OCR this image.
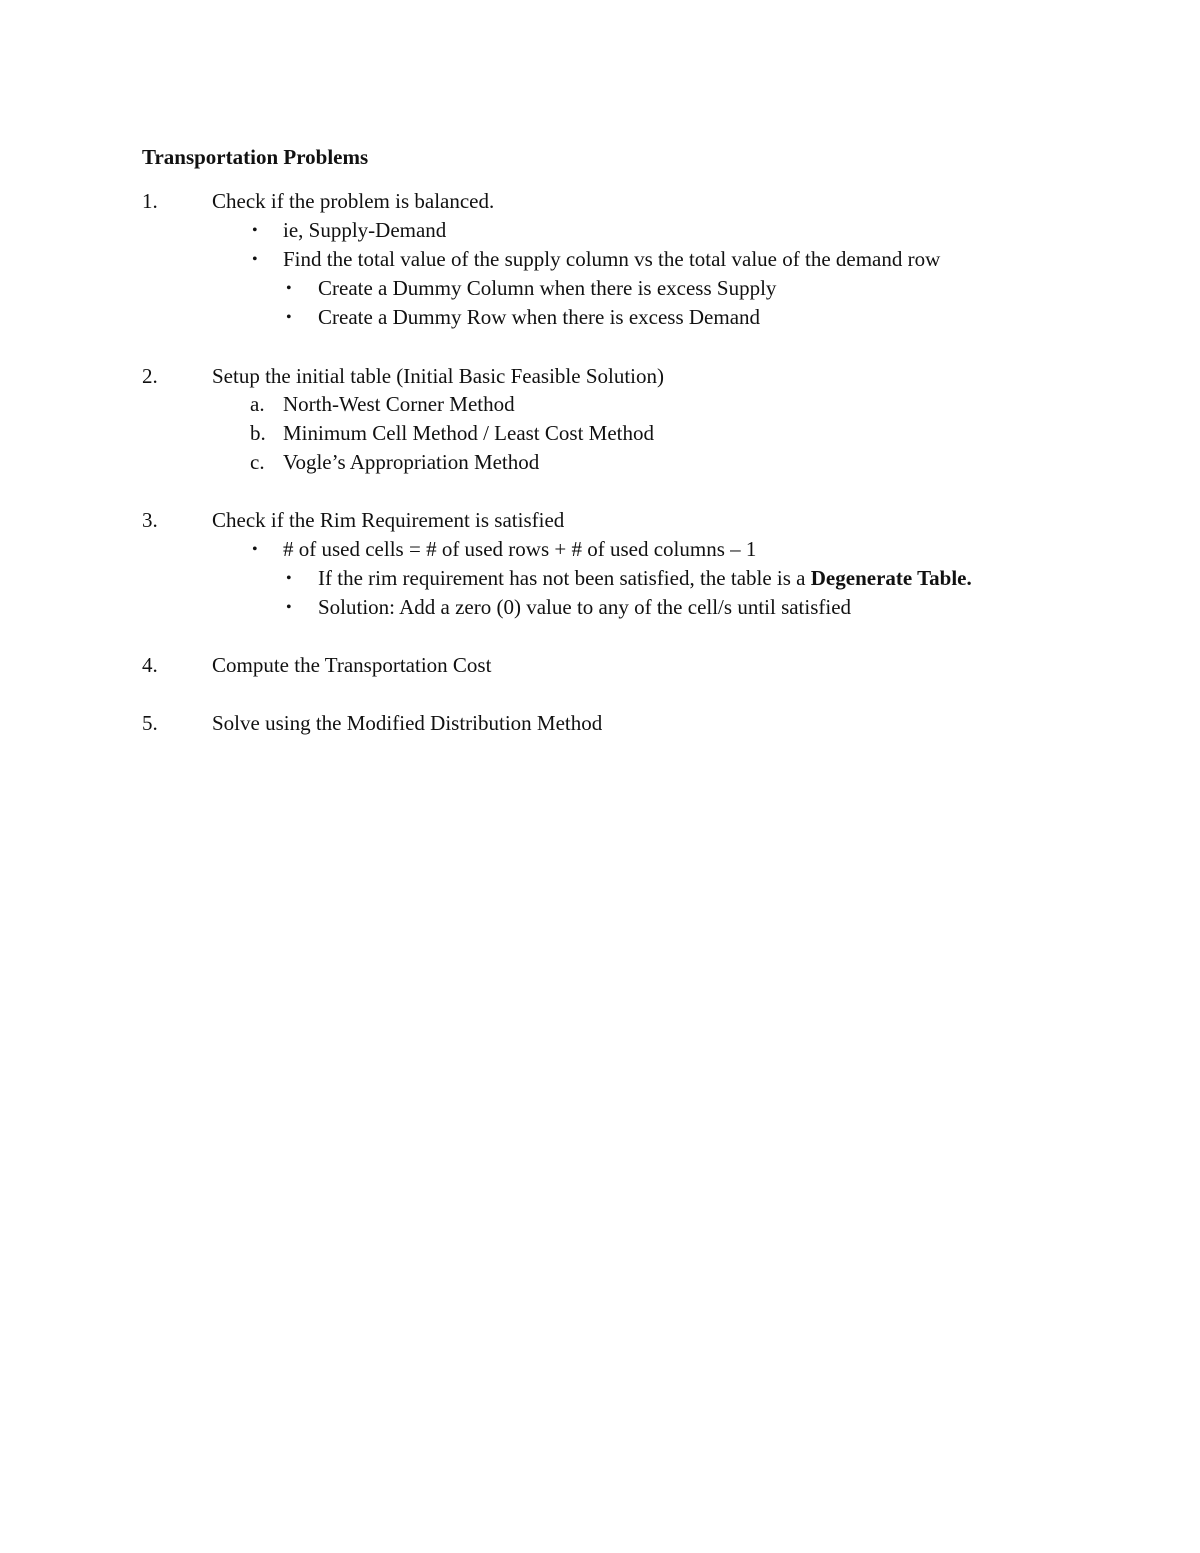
Transportation Problems
1.	Check if the problem is balanced.
• ie, Supply-Demand
• Find the total value of the supply column vs the total value of the demand row
• Create a Dummy Column when there is excess Supply
• Create a Dummy Row when there is excess Demand
2.	Setup the initial table (Initial Basic Feasible Solution)
a. North-West Corner Method
b. Minimum Cell Method / Least Cost Method
c. Vogle’s Appropriation Method
3.	Check if the Rim Requirement is satisfied
• # of used cells = # of used rows + # of used columns – 1
• If the rim requirement has not been satisfied, the table is a Degenerate Table.
• Solution: Add a zero (0) value to any of the cell/s until satisfied
4.	Compute the Transportation Cost
5.	Solve using the Modified Distribution Method
